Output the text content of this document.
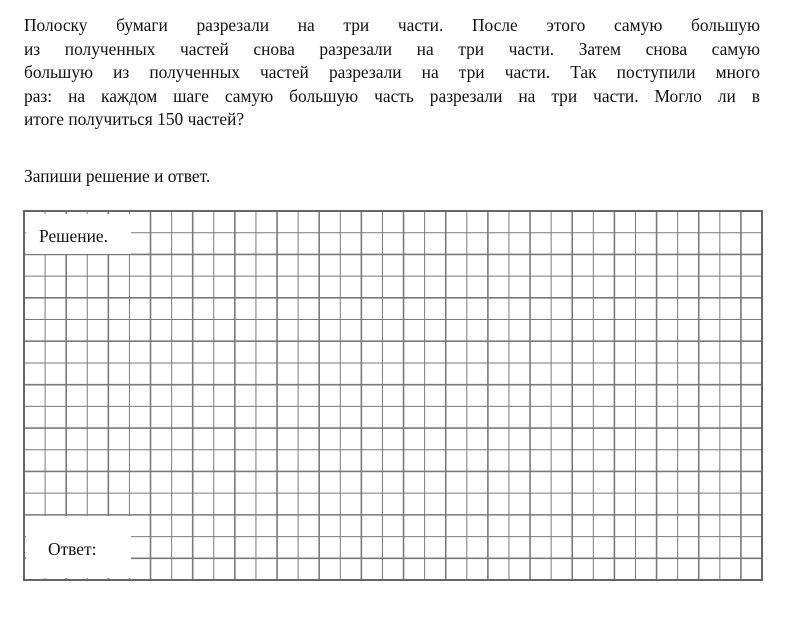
Полоску бумаги разрезали на три части. После этого самую большую
из полученных частей снова разрезали на три части. Затем снова самую
большую из полученных частей разрезали на три части. Так поступили много
раз: на каждом шаге самую большую часть разрезали на три части. Могло ли в
итоге получиться 150 частей?

Запиши решение и ответ.

Решение.
Ответ:
